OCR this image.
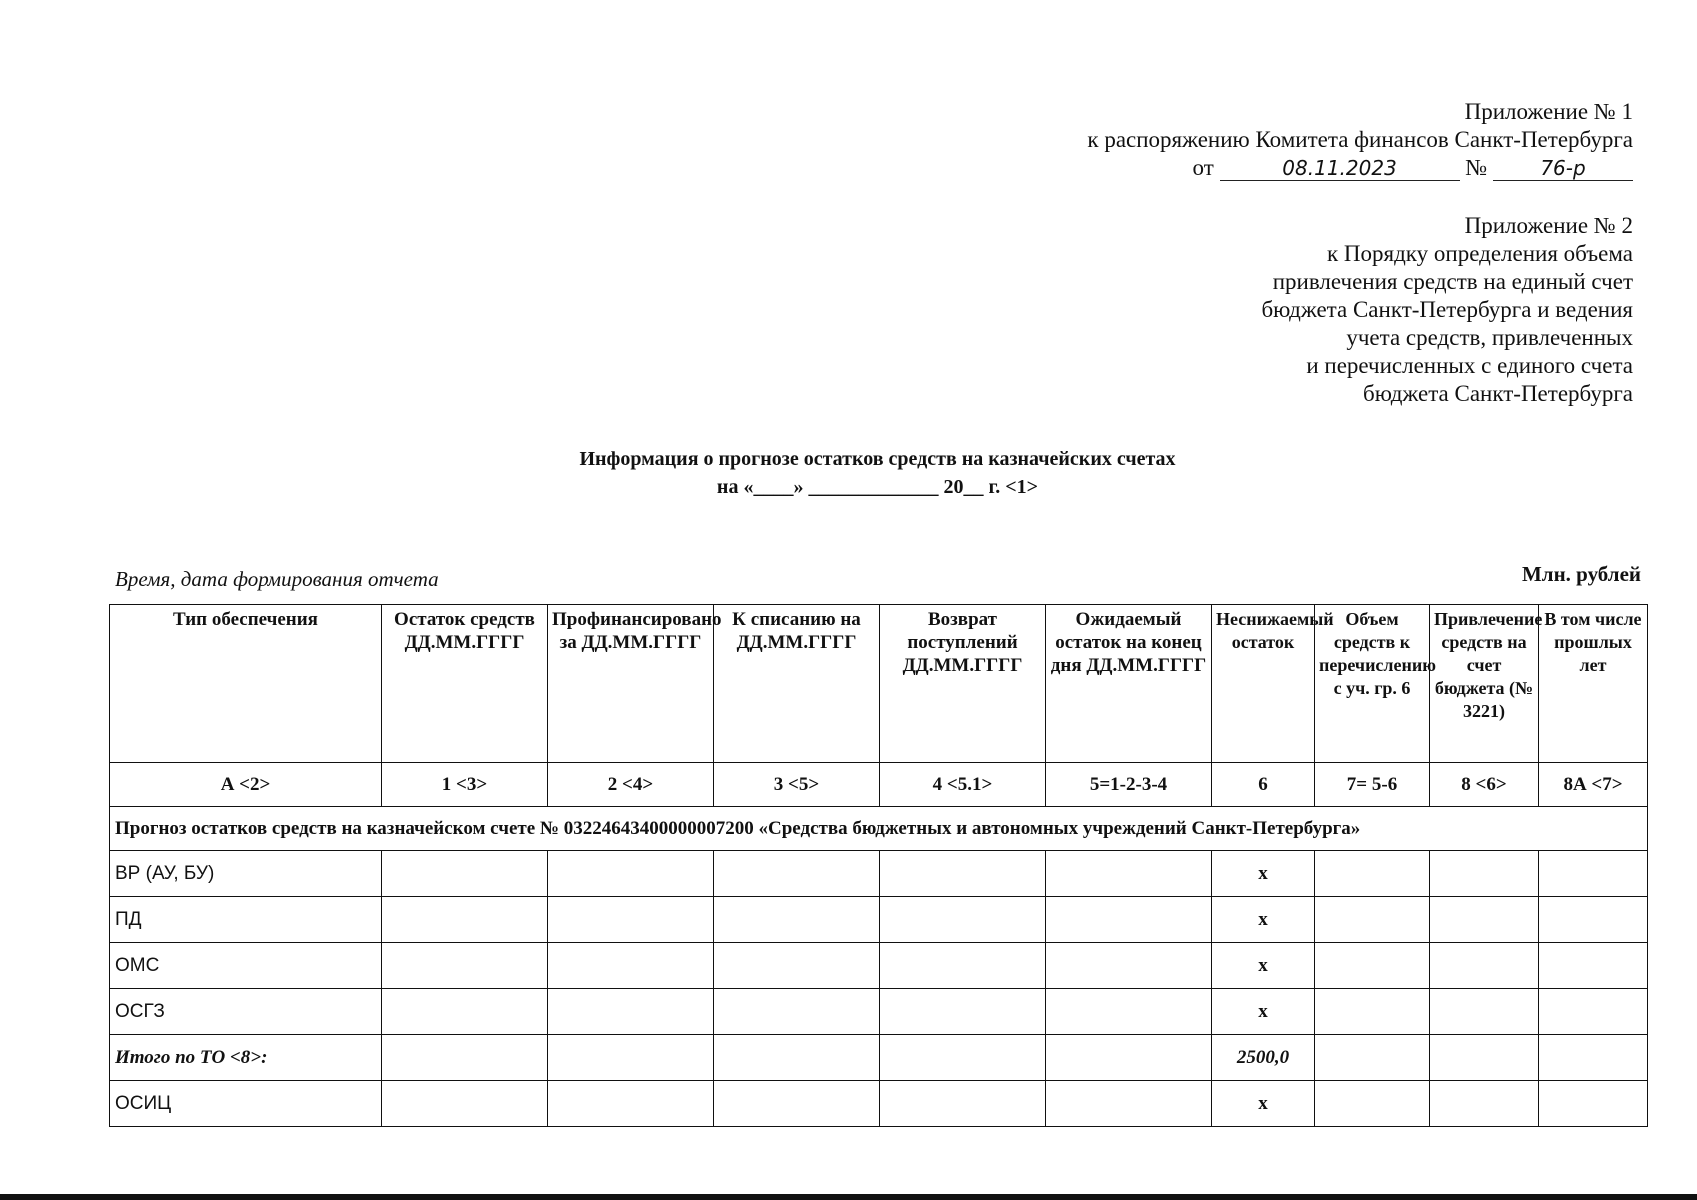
Приложение № 1
к распоряжению Комитета финансов Санкт-Петербурга
от	08.11.2023	№	76-р
Приложение № 2
к Порядку определения объема
привлечения средств на единый счет
бюджета Санкт-Петербурга и ведения
учета средств, привлеченных
и перечисленных с единого счета
бюджета Санкт-Петербурга
Информация о прогнозе остатков средств на казначейских счетах
на «____» _____________ 20__ г. <1>
Время, дата формирования отчета	Млн. рублей
Тип обеспечения	Остаток средств ДД.ММ.ГГГГ	Профинансировано за ДД.ММ.ГГГГ	К списанию на ДД.ММ.ГГГГ	Возврат поступлений ДД.ММ.ГГГГ	Ожидаемый остаток на конец дня ДД.ММ.ГГГГ	Неснижаемый остаток	Объем средств к перечислению с уч. гр. 6	Привлечение средств на счет бюджета (№ 3221)	В том числе прошлых лет
А <2>	1 <3>	2 <4>	3 <5>	4 <5.1>	5=1-2-3-4	6	7= 5-6	8 <6>	8А <7>
Прогноз остатков средств на казначейском счете № 03224643400000007200 «Средства бюджетных и автономных учреждений Санкт-Петербурга»									
ВР (АУ, БУ)						х			
ПД						х			
ОМС						х			
ОСГЗ						х			
Итого по ТО <8>:						2500,0			
ОСИЦ						х			
